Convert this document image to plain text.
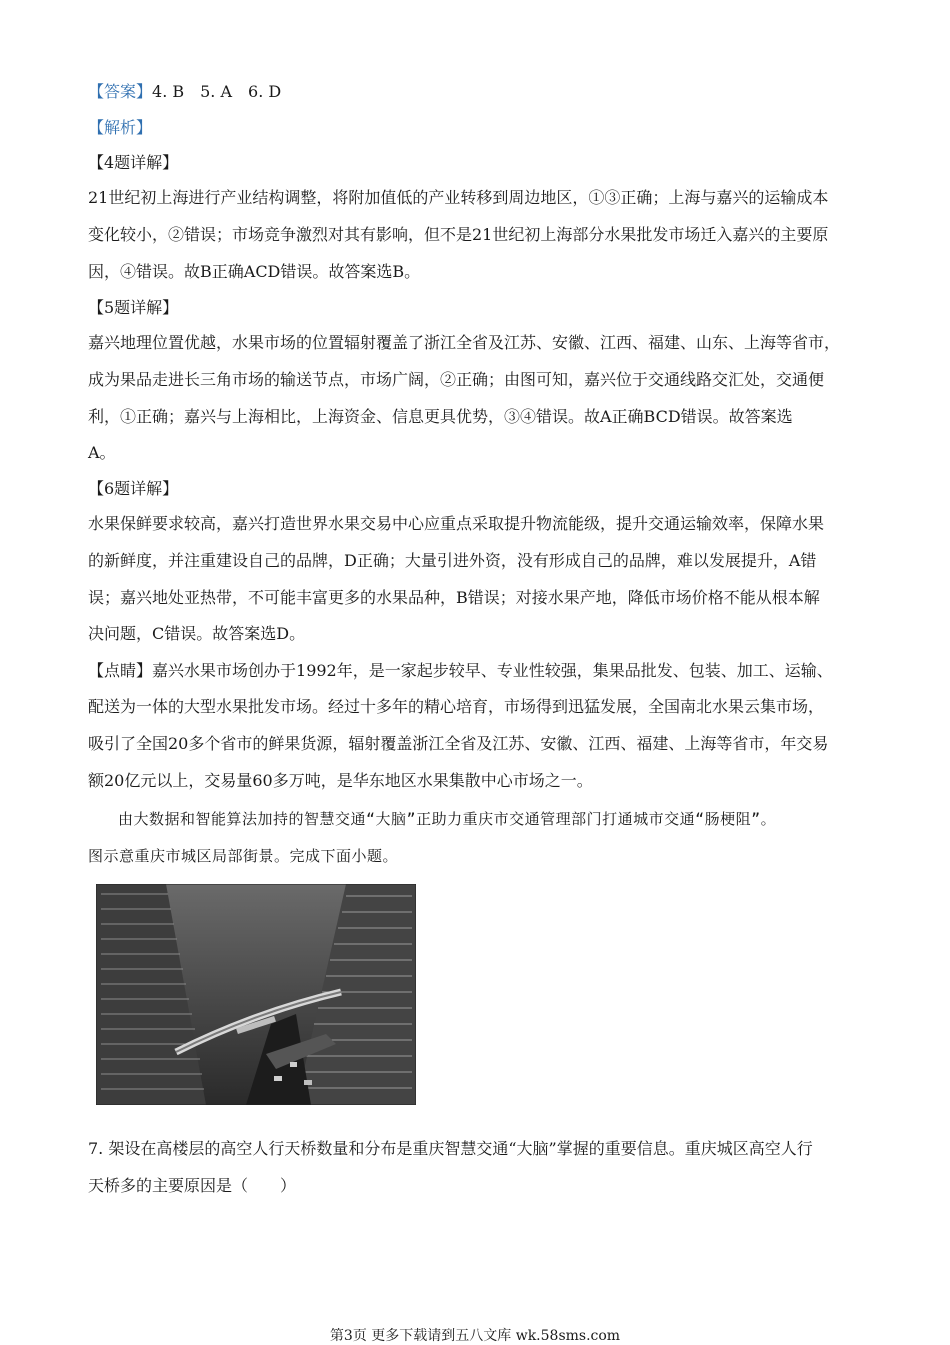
【答案】4. B　5. A　6. D
【解析】
【4题详解】
21世纪初上海进行产业结构调整，将附加值低的产业转移到周边地区，①③正确；上海与嘉兴的运输成本
变化较小，②错误；市场竞争激烈对其有影响，但不是21世纪初上海部分水果批发市场迁入嘉兴的主要原
因，④错误。故B正确ACD错误。故答案选B。
【5题详解】
嘉兴地理位置优越，水果市场的位置辐射覆盖了浙江全省及江苏、安徽、江西、福建、山东、上海等省市，
成为果品走进长三角市场的输送节点，市场广阔，②正确；由图可知，嘉兴位于交通线路交汇处，交通便
利，①正确；嘉兴与上海相比，上海资金、信息更具优势，③④错误。故A正确BCD错误。故答案选
A。
【6题详解】
水果保鲜要求较高，嘉兴打造世界水果交易中心应重点采取提升物流能级，提升交通运输效率，保障水果
的新鲜度，并注重建设自己的品牌，D正确；大量引进外资，没有形成自己的品牌，难以发展提升，A错
误；嘉兴地处亚热带，不可能丰富更多的水果品种，B错误；对接水果产地，降低市场价格不能从根本解
决问题，C错误。故答案选D。
【点睛】嘉兴水果市场创办于1992年，是一家起步较早、专业性较强，集果品批发、包装、加工、运输、
配送为一体的大型水果批发市场。经过十多年的精心培育，市场得到迅猛发展，全国南北水果云集市场，
吸引了全国20多个省市的鲜果货源，辐射覆盖浙江全省及江苏、安徽、江西、福建、上海等省市，年交易
额20亿元以上，交易量60多万吨，是华东地区水果集散中心市场之一。
由大数据和智能算法加持的智慧交通“大脑”正助力重庆市交通管理部门打通城市交通“肠梗阻”。
图示意重庆市城区局部街景。完成下面小题。
7. 架设在高楼层的高空人行天桥数量和分布是重庆智慧交通“大脑”掌握的重要信息。重庆城区高空人行
天桥多的主要原因是（　　）
第3页 更多下载请到五八文库 wk.58sms.com
